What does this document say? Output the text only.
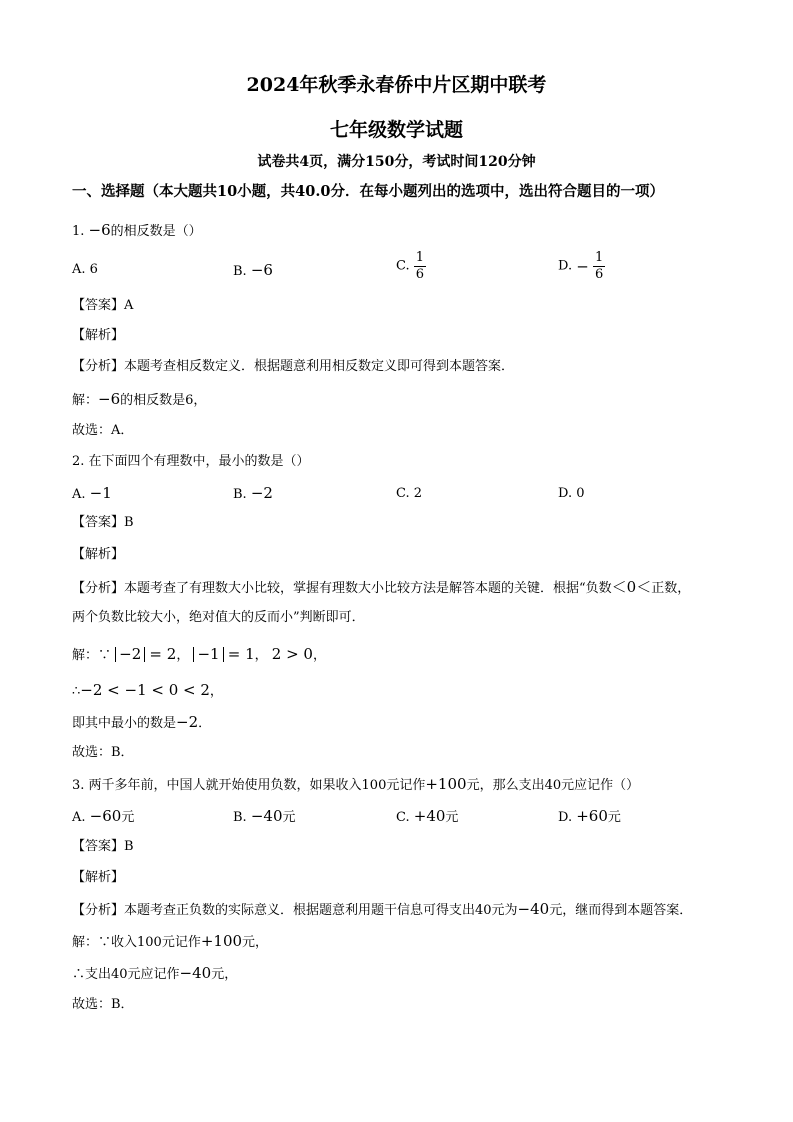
2024年秋季永春侨中片区期中联考
七年级数学试题
试卷共4页，满分150分，考试时间120分钟
一、选择题（本大题共10小题，共40.0分．在每小题列出的选项中，选出符合题目的一项）
1. −6的相反数是（）
A. 6	B. −6	C. $\frac{1}{6}$	D. − $\frac{1}{6}$
【答案】A
【解析】
【分析】本题考查相反数定义．根据题意利用相反数定义即可得到本题答案．
解：−6的相反数是6，
故选：A．
2. 在下面四个有理数中，最小的数是（）
A. −1	B. −2	C. 2	D. 0
【答案】B
【解析】
【分析】本题考查了有理数大小比较，掌握有理数大小比较方法是解答本题的关键．根据“负数＜0＜正数，
两个负数比较大小，绝对值大的反而小”判断即可．
解：∵ −2 = 2， −1 = 1， 2 > 0，
∴−2 < −1 < 0 < 2，
即其中最小的数是−2．
故选：B．
3. 两千多年前，中国人就开始使用负数，如果收入100元记作+100元，那么支出40元应记作（）
A. −60元	B. −40元	C. +40元	D. +60元
【答案】B
【解析】
【分析】本题考查正负数的实际意义．根据题意利用题干信息可得支出40元为−40元，继而得到本题答案．
解：∵收入100元记作+100元，
∴支出40元应记作−40元，
故选：B．
